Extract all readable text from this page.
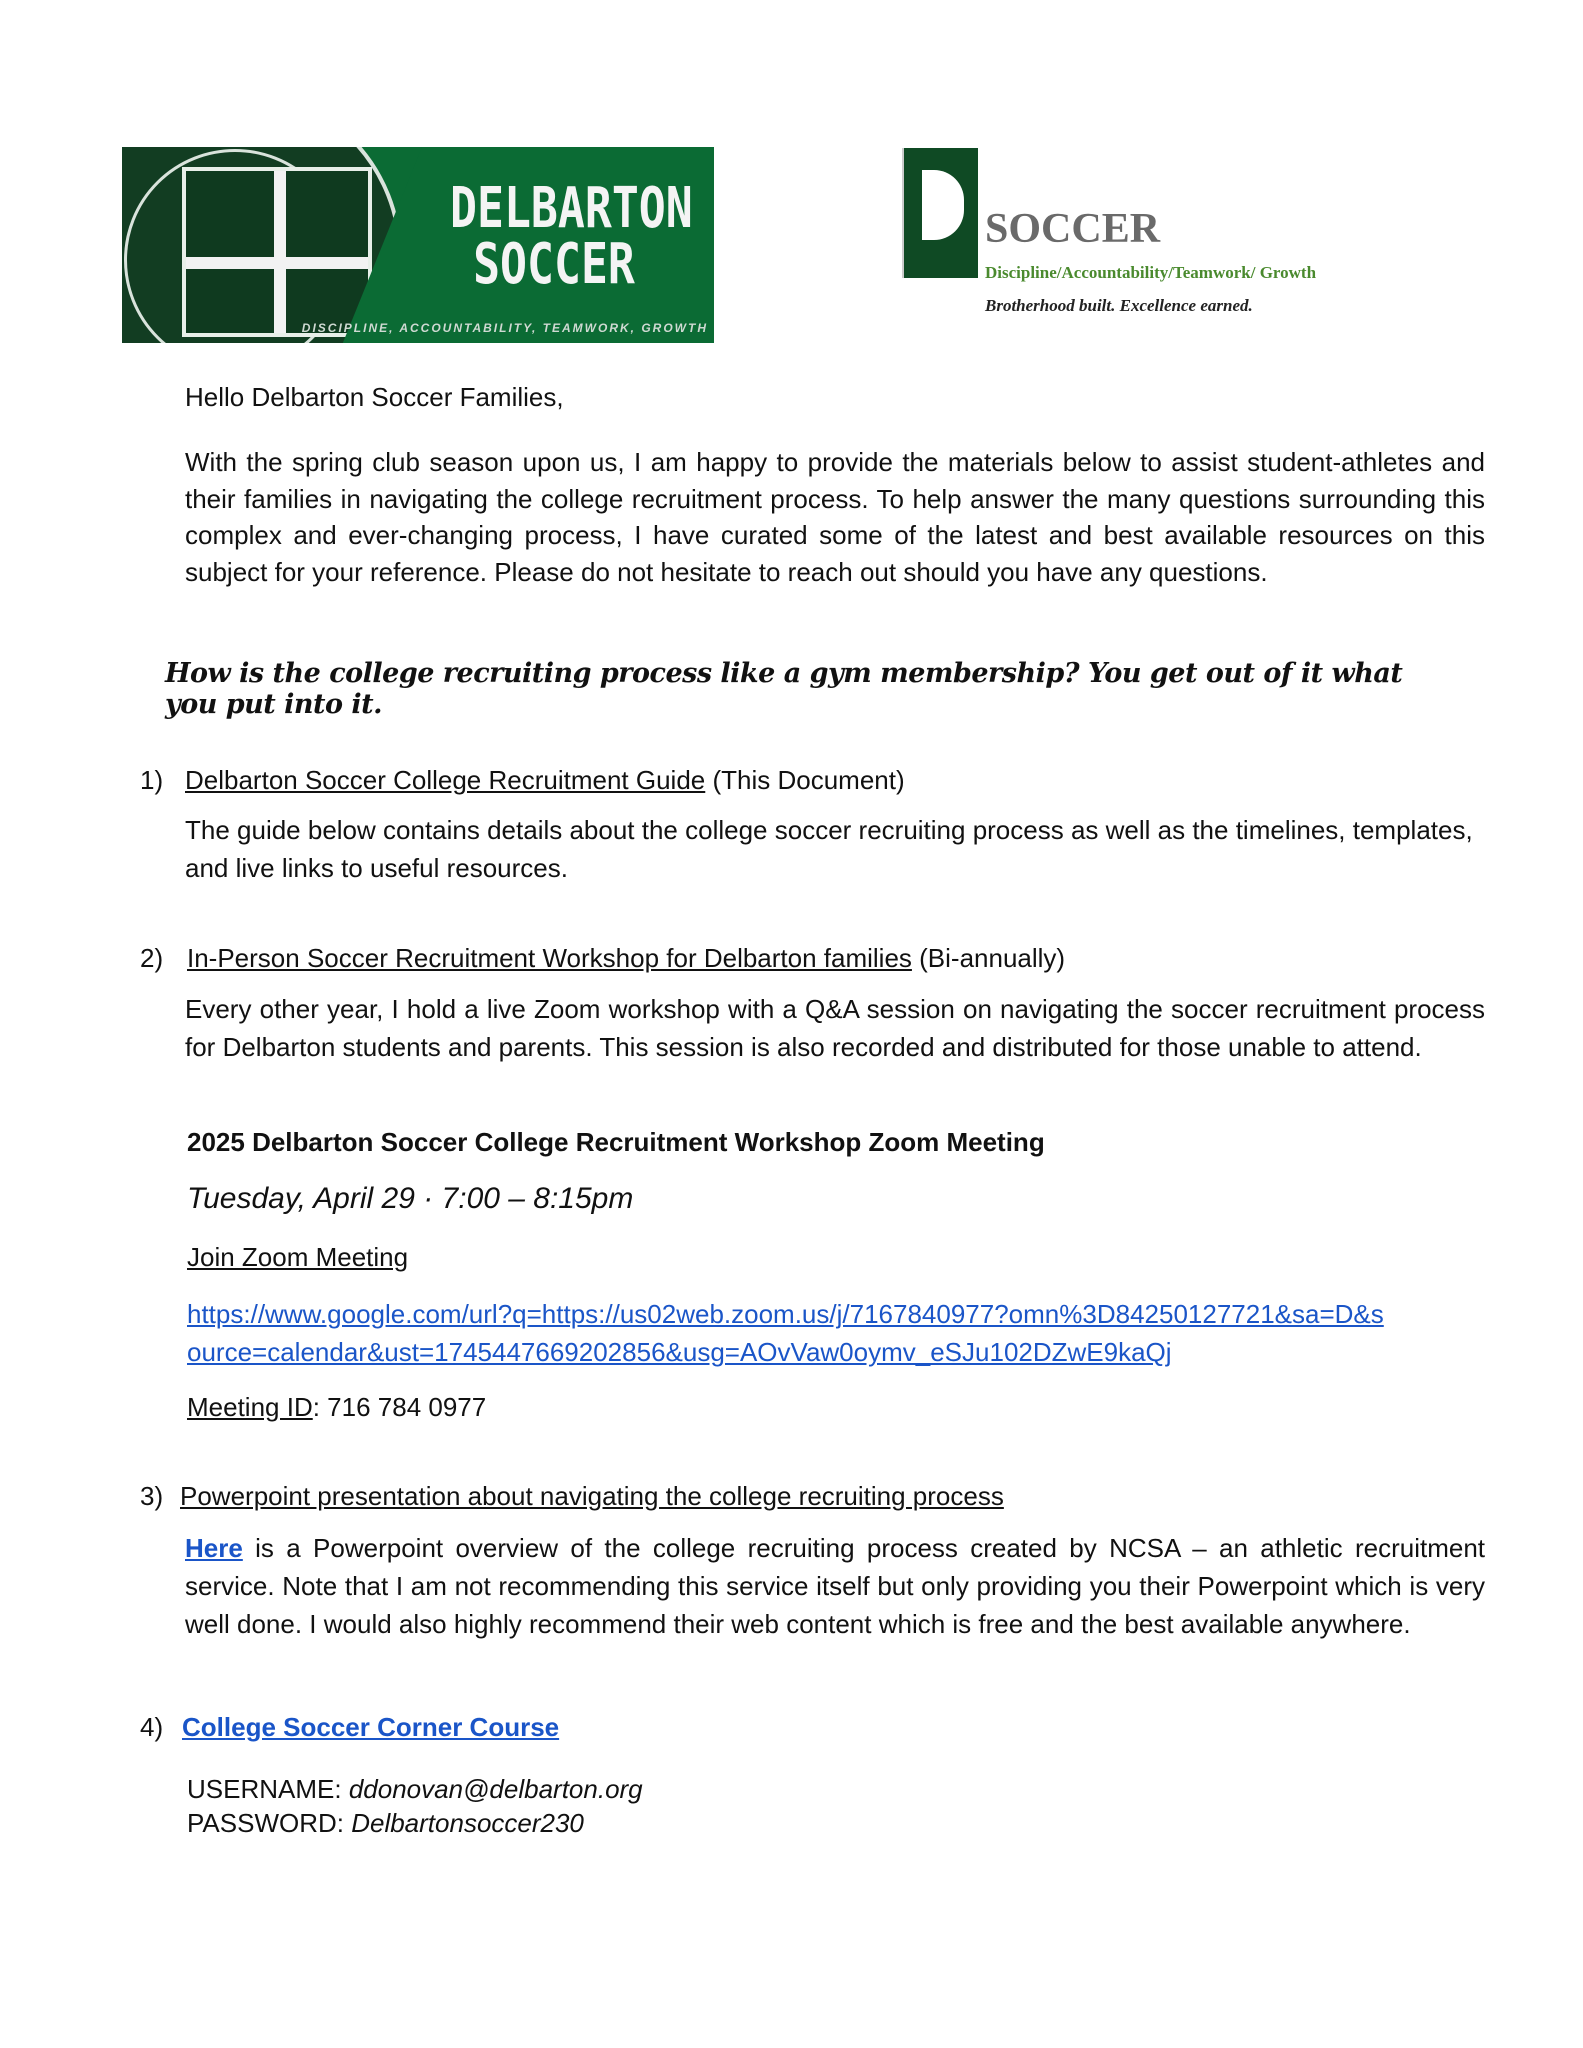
DELBARTON
SOCCER
DISCIPLINE, ACCOUNTABILITY, TEAMWORK, GROWTH
SOCCER
Discipline/Accountability/Teamwork/ Growth
Brotherhood built. Excellence earned.
Hello Delbarton Soccer Families,
With the spring club season upon us, I am happy to provide the materials below to assist student-athletes and their families in navigating the college recruitment process. To help answer the many questions surrounding this complex and ever-changing process, I have curated some of the latest and best available resources on this subject for your reference. Please do not hesitate to reach out should you have any questions.
How is the college recruiting process like a gym membership? You get out of it what you put into it.
1) Delbarton Soccer College Recruitment Guide (This Document)
The guide below contains details about the college soccer recruiting process as well as the timelines, templates, and live links to useful resources.
2) In-Person Soccer Recruitment Workshop for Delbarton families (Bi-annually)
Every other year, I hold a live Zoom workshop with a Q&A session on navigating the soccer recruitment process for Delbarton students and parents. This session is also recorded and distributed for those unable to attend.
2025 Delbarton Soccer College Recruitment Workshop Zoom Meeting
Tuesday, April 29 · 7:00 – 8:15pm
Join Zoom Meeting
https://www.google.com/url?q=https://us02web.zoom.us/j/7167840977?omn%3D84250127721&sa=D&s
ource=calendar&ust=1745447669202856&usg=AOvVaw0oymv_eSJu102DZwE9kaQj
Meeting ID: 716 784 0977
3) Powerpoint presentation about navigating the college recruiting process
Here is a Powerpoint overview of the college recruiting process created by NCSA – an athletic recruitment service. Note that I am not recommending this service itself but only providing you their Powerpoint which is very well done. I would also highly recommend their web content which is free and the best available anywhere.
4) College Soccer Corner Course
USERNAME: ddonovan@delbarton.org
PASSWORD: Delbartonsoccer230
